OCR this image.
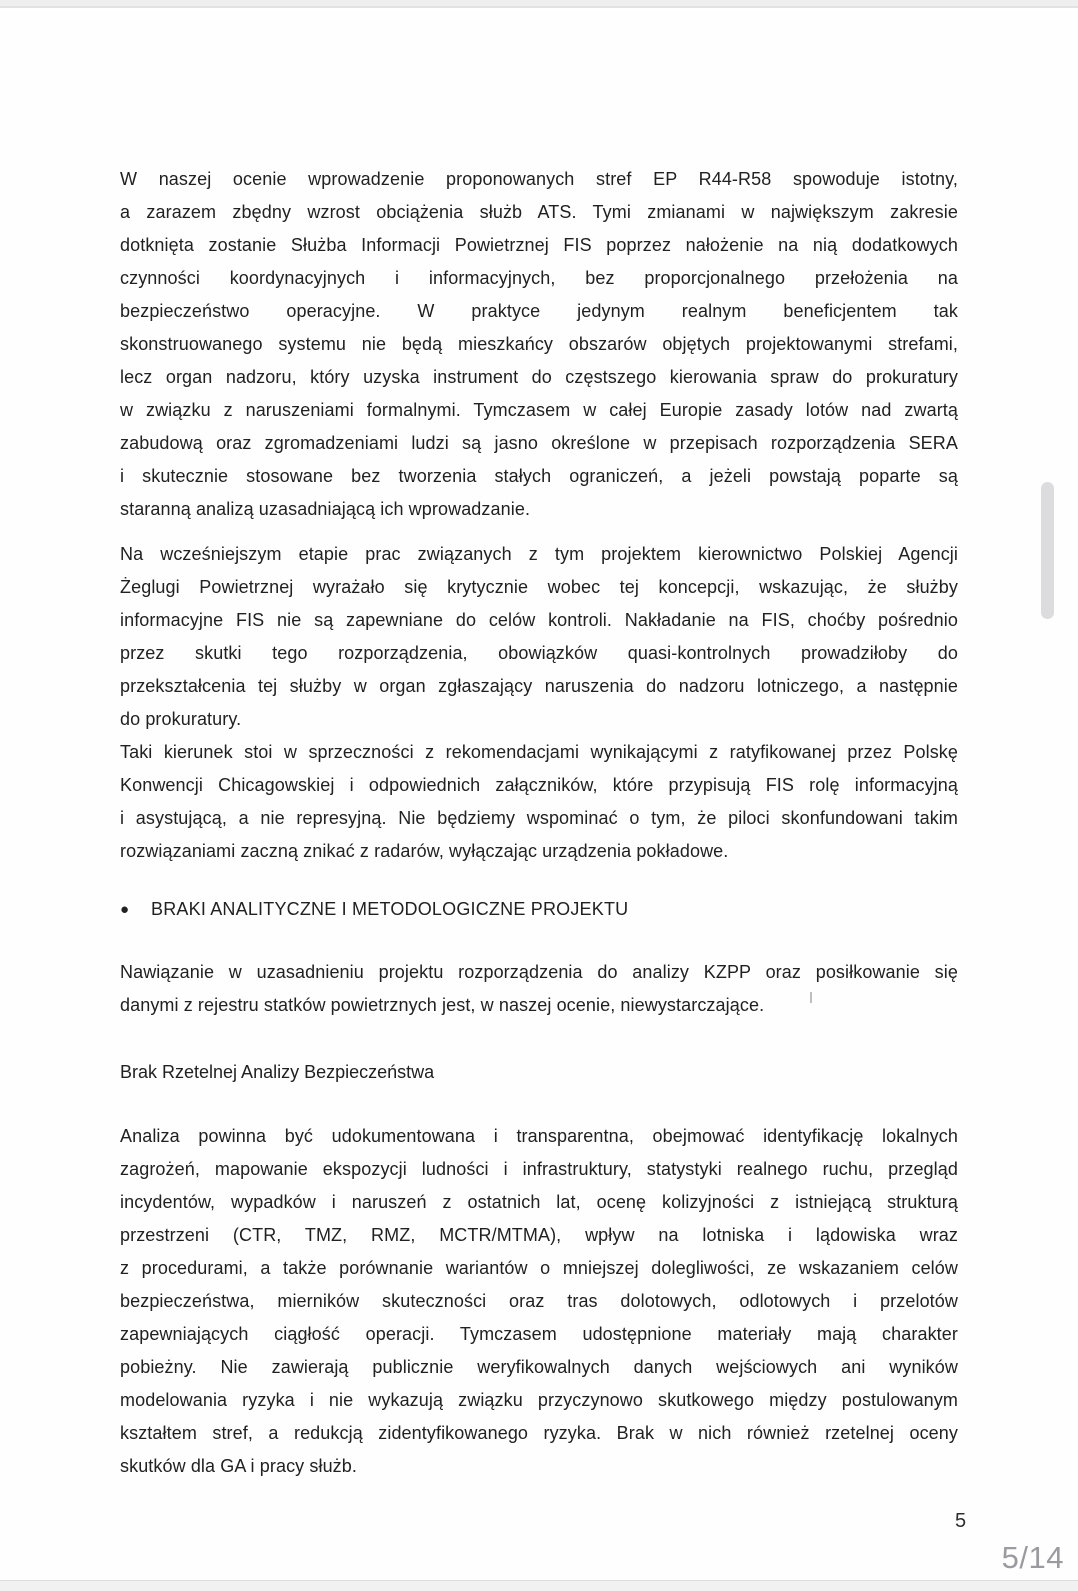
W naszej ocenie wprowadzenie proponowanych stref EP R44-R58 spowoduje istotny,
a zarazem zbędny wzrost obciążenia służb ATS. Tymi zmianami w największym zakresie
dotknięta zostanie Służba Informacji Powietrznej FIS poprzez nałożenie na nią dodatkowych
czynności koordynacyjnych i informacyjnych, bez proporcjonalnego przełożenia na
bezpieczeństwo operacyjne. W praktyce jedynym realnym beneficjentem tak
skonstruowanego systemu nie będą mieszkańcy obszarów objętych projektowanymi strefami,
lecz organ nadzoru, który uzyska instrument do częstszego kierowania spraw do prokuratury
w związku z naruszeniami formalnymi. Tymczasem w całej Europie zasady lotów nad zwartą
zabudową oraz zgromadzeniami ludzi są jasno określone w przepisach rozporządzenia SERA
i skutecznie stosowane bez tworzenia stałych ograniczeń, a jeżeli powstają poparte są
staranną analizą uzasadniającą ich wprowadzanie.
Na wcześniejszym etapie prac związanych z tym projektem kierownictwo Polskiej Agencji
Żeglugi Powietrznej wyrażało się krytycznie wobec tej koncepcji, wskazując, że służby
informacyjne FIS nie są zapewniane do celów kontroli. Nakładanie na FIS, choćby pośrednio
przez skutki tego rozporządzenia, obowiązków quasi-kontrolnych prowadziłoby do
przekształcenia tej służby w organ zgłaszający naruszenia do nadzoru lotniczego, a następnie
do prokuratury.
Taki kierunek stoi w sprzeczności z rekomendacjami wynikającymi z ratyfikowanej przez Polskę
Konwencji Chicagowskiej i odpowiednich załączników, które przypisują FIS rolę informacyjną
i asystującą, a nie represyjną. Nie będziemy wspominać o tym, że piloci skonfundowani takim
rozwiązaniami zaczną znikać z radarów, wyłączając urządzenia pokładowe.
●	BRAKI ANALITYCZNE I METODOLOGICZNE PROJEKTU
Nawiązanie w uzasadnieniu projektu rozporządzenia do analizy KZPP oraz posiłkowanie się
danymi z rejestru statków powietrznych jest, w naszej ocenie, niewystarczające.
Brak Rzetelnej Analizy Bezpieczeństwa
Analiza powinna być udokumentowana i transparentna, obejmować identyfikację lokalnych
zagrożeń, mapowanie ekspozycji ludności i infrastruktury, statystyki realnego ruchu, przegląd
incydentów, wypadków i naruszeń z ostatnich lat, ocenę kolizyjności z istniejącą strukturą
przestrzeni (CTR, TMZ, RMZ, MCTR/MTMA), wpływ na lotniska i lądowiska wraz
z procedurami, a także porównanie wariantów o mniejszej dolegliwości, ze wskazaniem celów
bezpieczeństwa, mierników skuteczności oraz tras dolotowych, odlotowych i przelotów
zapewniających ciągłość operacji. Tymczasem udostępnione materiały mają charakter
pobieżny. Nie zawierają publicznie weryfikowalnych danych wejściowych ani wyników
modelowania ryzyka i nie wykazują związku przyczynowo skutkowego między postulowanym
kształtem stref, a redukcją zidentyfikowanego ryzyka. Brak w nich również rzetelnej oceny
skutków dla GA i pracy służb.
5
5/14
